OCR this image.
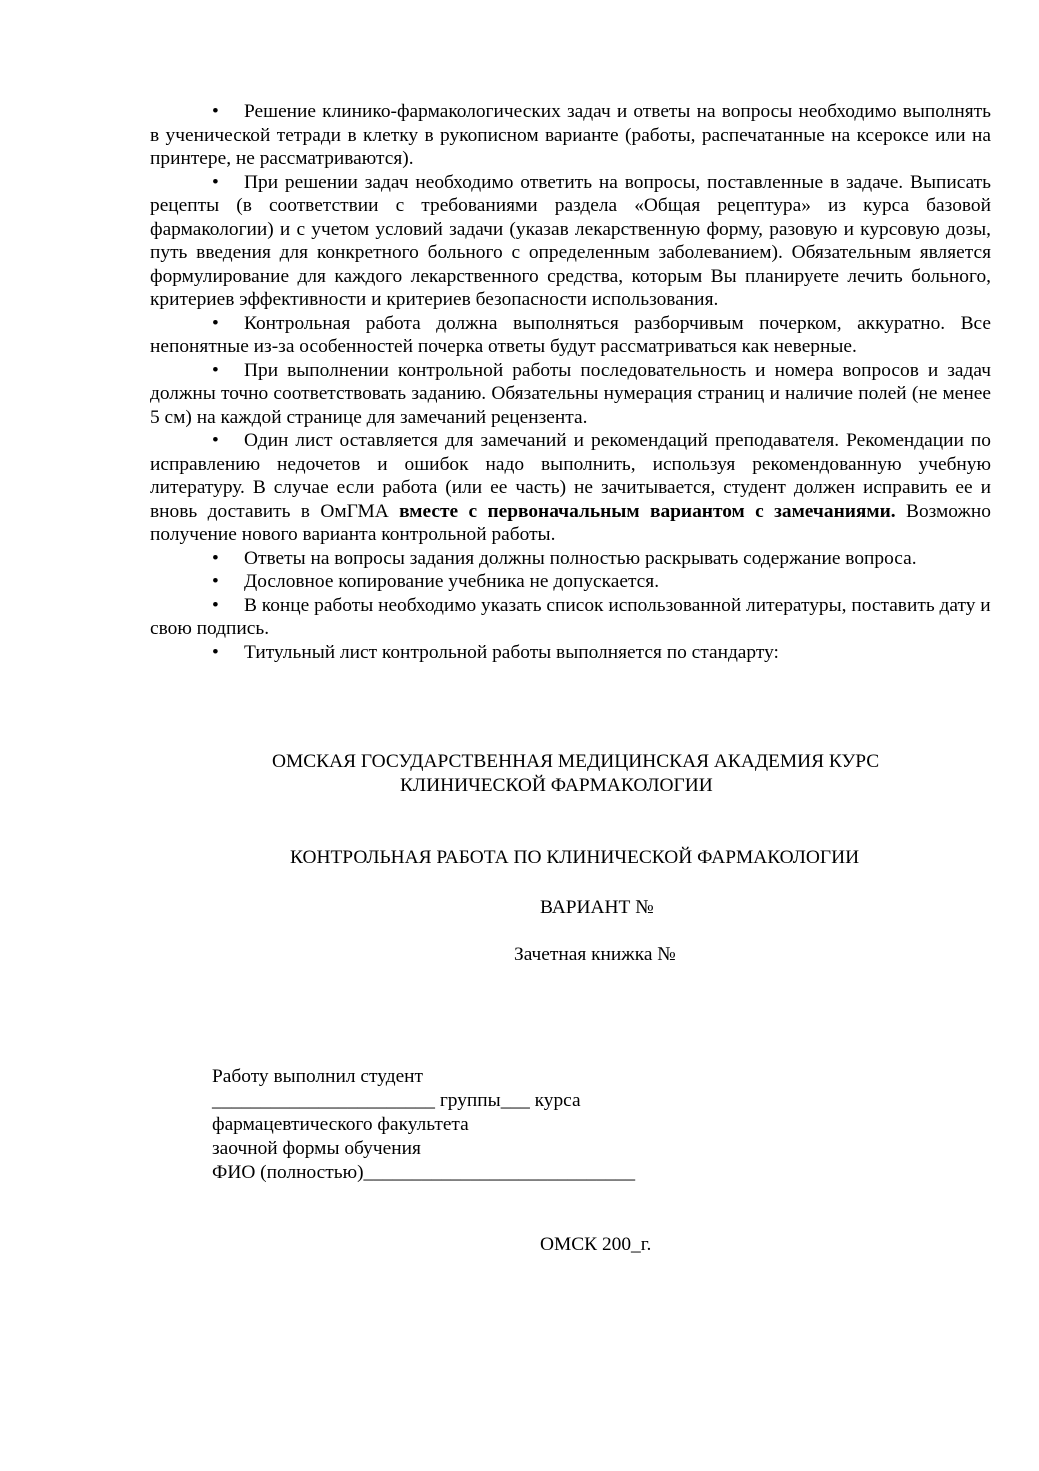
• Решение клинико-фармакологических задач и ответы на вопросы необходимо выполнять в ученической тетради в клетку в рукописном варианте (работы, распечатанные на ксероксе или на принтере, не рассматриваются).

• При решении задач необходимо ответить на вопросы, поставленные в задаче. Выписать рецепты (в соответствии с требованиями раздела «Общая рецептура» из курса базовой фармакологии) и с учетом условий задачи (указав лекарственную форму, разовую и курсовую дозы, путь введения для конкретного больного с определенным заболеванием). Обязательным является формулирование для каждого лекарственного средства, которым Вы планируете лечить больного, критериев эффективности и критериев безопасности использования.

• Контрольная работа должна выполняться разборчивым почерком, аккуратно. Все непонятные из-за особенностей почерка ответы будут рассматриваться как неверные.

• При выполнении контрольной работы последовательность и номера вопросов и задач должны точно соответствовать заданию. Обязательны нумерация страниц и наличие полей (не менее 5 см) на каждой странице для замечаний рецензента.

• Один лист оставляется для замечаний и рекомендаций преподавателя. Рекомендации по исправлению недочетов и ошибок надо выполнить, используя рекомендованную учебную литературу. В случае если работа (или ее часть) не зачитывается, студент должен исправить ее и вновь доставить в ОмГМА вместе с первоначальным вариантом с замечаниями. Возможно получение нового варианта контрольной работы.

• Ответы на вопросы задания должны полностью раскрывать содержание вопроса.

• Дословное копирование учебника не допускается.

• В конце работы необходимо указать список использованной литературы, поставить дату и свою подпись.

• Титульный лист контрольной работы выполняется по стандарту:

ОМСКАЯ ГОСУДАРСТВЕННАЯ МЕДИЦИНСКАЯ АКАДЕМИЯ КУРС
КЛИНИЧЕСКОЙ ФАРМАКОЛОГИИ
КОНТРОЛЬНАЯ РАБОТА ПО КЛИНИЧЕСКОЙ ФАРМАКОЛОГИИ
ВАРИАНТ №
Зачетная книжка №
Работу выполнил студент
_______________________ группы___ курса
фармацевтического факультета
заочной формы обучения
ФИО (полностью)____________________________
ОМСК 200_г.
